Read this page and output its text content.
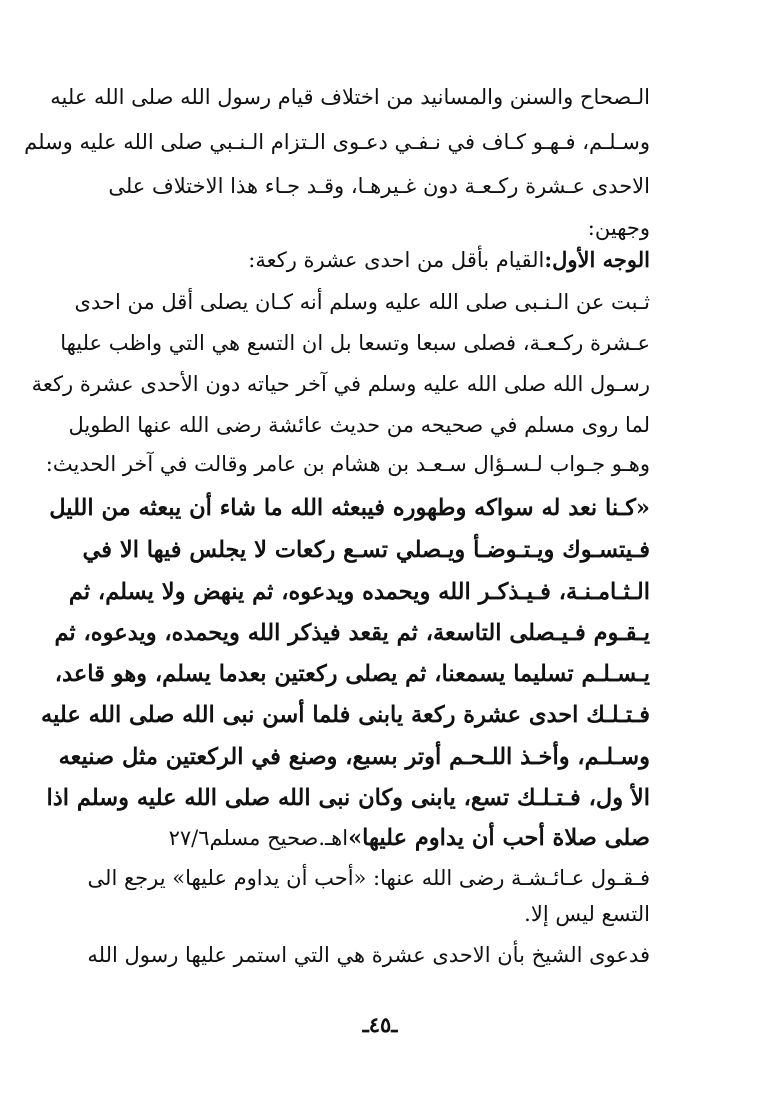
الـصحاح والسنن والمسانيد من اختلاف قيام رسول الله صلى الله عليه
وسـلـم، فـهـو كـاف في نـفـي دعـوى الـتزام الـنـبي صلى الله عليه وسلم
الاحدى عـشرة ركـعـة دون غـيرهـا، وقـد جـاء هذا الاختلاف على
وجهين:
الوجه الأول:القيام بأقل من احدى عشرة ركعة:
ثـبت عن الـنـبى صلى الله عليه وسلم أنه كـان يصلى أقل من احدى
عـشرة ركـعـة، فصلى سبعا وتسعا بل ان التسع هي التي واظب عليها
رسـول الله صلى الله عليه وسلم في آخر حياته دون الأحدى عشرة ركعة
لما روى مسلم في صحيحه من حديث عائشة رضى الله عنها الطويل
وهـو جـواب لـسـؤال سـعـد بن هشام بن عامر وقالت في آخر الحديث:
«كـنا نعد له سواكه وطهوره فيبعثه الله ما شاء أن يبعثه من الليل
فـيتسـوك ويـتـوضـأ ويـصلي تسـع ركعات لا يجلس فيها الا في
الـثـامـنـة، فـيـذكـر الله ويحمده ويدعوه، ثم ينهض ولا يسلم، ثم
يـقـوم فـيـصلى التاسعة، ثم يقعد فيذكر الله ويحمده، ويدعوه، ثم
يـسـلـم تسليما يسمعنا، ثم يصلى ركعتين بعدما يسلم، وهو قاعد،
فـتـلـك احدى عشرة ركعة يابنى فلما أسن نبى الله صلى الله عليه
وسـلـم، وأخـذ اللـحـم أوتر بسبع، وصنع في الركعتين مثل صنيعه
الأ ول، فـتـلـك تسع، يابنى وكان نبى الله صلى الله عليه وسلم اذا
صلى صلاة أحب أن يداوم عليها»اهـ.صحيح مسلم٢٧/٦
فـقـول عـائـشـة رضى الله عنها: «أحب أن يداوم عليها» يرجع الى
التسع ليس إلا.
فدعوى الشيخ بأن الاحدى عشرة هي التي استمر عليها رسول الله
ـ٤٥ـ
